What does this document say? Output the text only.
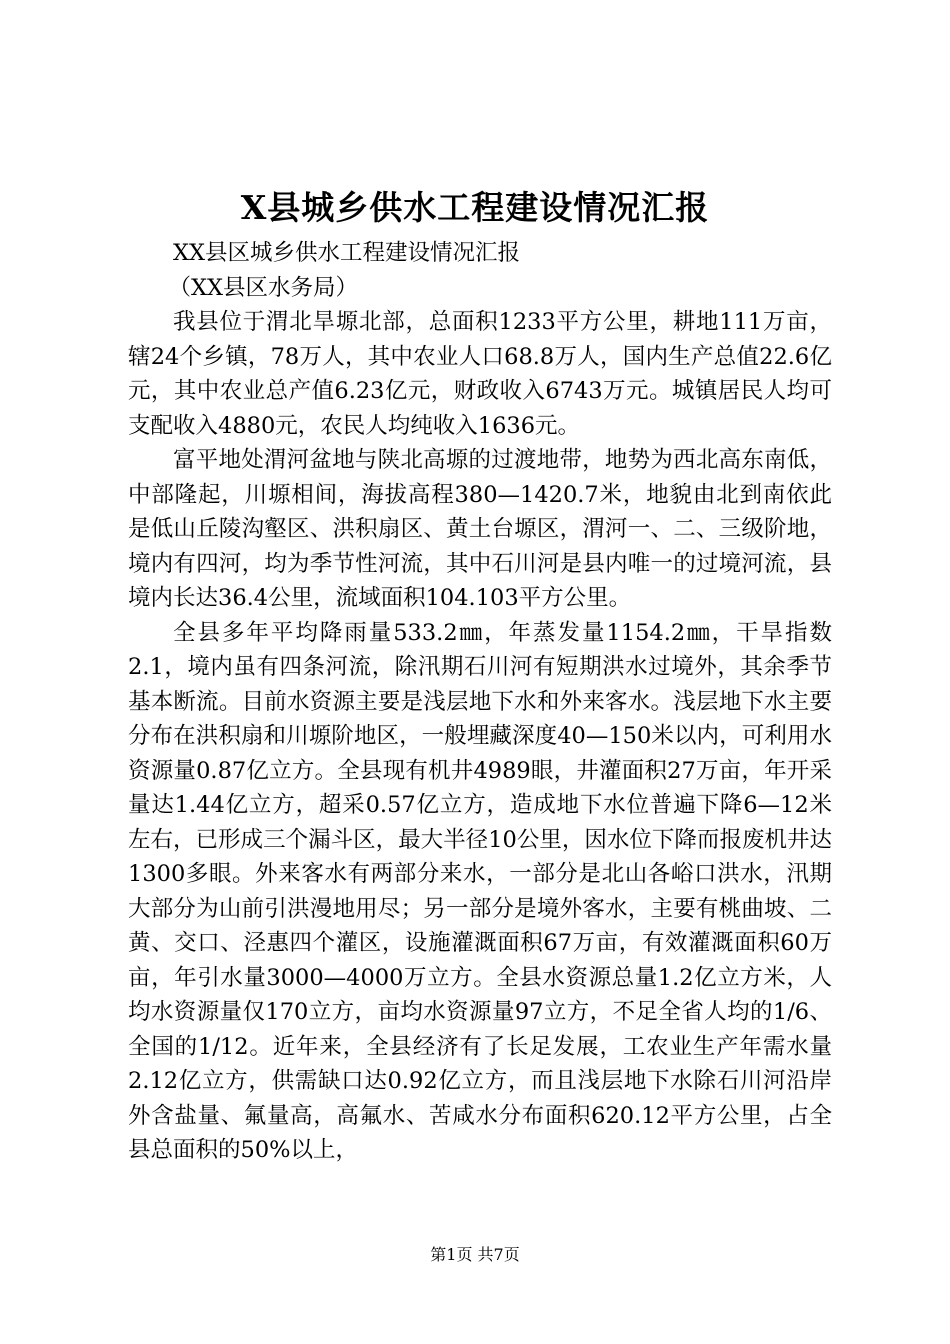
X县城乡供水工程建设情况汇报

XX县区城乡供水工程建设情况汇报

（XX县区水务局）

我县位于渭北旱塬北部，总面积1233平方公里，耕地111万亩，辖24个乡镇，78万人，其中农业人口68.8万人，国内生产总值22.6亿元，其中农业总产值6.23亿元，财政收入6743万元。城镇居民人均可支配收入4880元，农民人均纯收入1636元。

富平地处渭河盆地与陕北高塬的过渡地带，地势为西北高东南低，中部隆起，川塬相间，海拔高程380—1420.7米，地貌由北到南依此是低山丘陵沟壑区、洪积扇区、黄土台塬区，渭河一、二、三级阶地，境内有四河，均为季节性河流，其中石川河是县内唯一的过境河流，县境内长达36.4公里，流域面积104.103平方公里。

全县多年平均降雨量533.2㎜，年蒸发量1154.2㎜，干旱指数2.1，境内虽有四条河流，除汛期石川河有短期洪水过境外，其余季节基本断流。目前水资源主要是浅层地下水和外来客水。浅层地下水主要分布在洪积扇和川塬阶地区，一般埋藏深度40—150米以内，可利用水资源量0.87亿立方。全县现有机井4989眼，井灌面积27万亩，年开采量达1.44亿立方，超采0.57亿立方，造成地下水位普遍下降6—12米左右，已形成三个漏斗区，最大半径10公里，因水位下降而报废机井达1300多眼。外来客水有两部分来水，一部分是北山各峪口洪水，汛期大部分为山前引洪漫地用尽；另一部分是境外客水，主要有桃曲坡、二黄、交口、泾惠四个灌区，设施灌溉面积67万亩，有效灌溉面积60万亩，年引水量3000—4000万立方。全县水资源总量1.2亿立方米，人均水资源量仅170立方，亩均水资源量97立方，不足全省人均的1/6、全国的1/12。近年来，全县经济有了长足发展，工农业生产年需水量2.12亿立方，供需缺口达0.92亿立方，而且浅层地下水除石川河沿岸外含盐量、氟量高，高氟水、苦咸水分布面积620.12平方公里，占全县总面积的50%以上，

第1页 共7页
